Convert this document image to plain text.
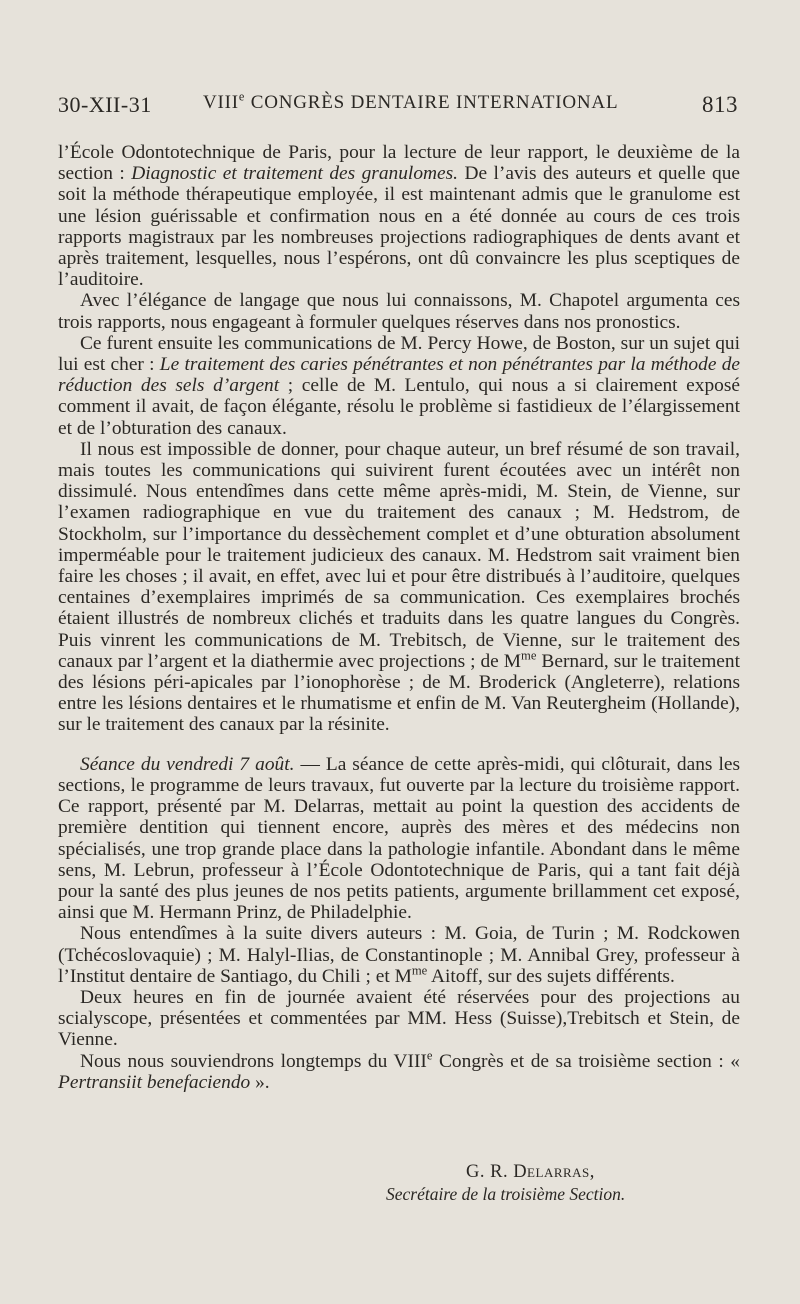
30-XII-31	VIIIe CONGRÈS DENTAIRE INTERNATIONAL	813

l’École Odontotechnique de Paris, pour la lecture de leur rapport, le deuxième de la section : Diagnostic et traitement des granulomes. De l’avis des auteurs et quelle que soit la méthode thérapeutique employée, il est maintenant admis que le granulome est une lésion guérissable et confirmation nous en a été donnée au cours de ces trois rapports magistraux par les nombreuses projections radiographiques de dents avant et après traitement, lesquelles, nous l’espérons, ont dû convaincre les plus sceptiques de l’auditoire.

Avec l’élégance de langage que nous lui connaissons, M. Chapotel argumenta ces trois rapports, nous engageant à formuler quelques réserves dans nos pronostics.

Ce furent ensuite les communications de M. Percy Howe, de Boston, sur un sujet qui lui est cher : Le traitement des caries pénétrantes et non pénétrantes par la méthode de réduction des sels d’argent ; celle de M. Lentulo, qui nous a si clairement exposé comment il avait, de façon élégante, résolu le problème si fastidieux de l’élargissement et de l’obturation des canaux.

Il nous est impossible de donner, pour chaque auteur, un bref résumé de son travail, mais toutes les communications qui suivirent furent écoutées avec un intérêt non dissimulé. Nous entendîmes dans cette même après-midi, M. Stein, de Vienne, sur l’examen radiographique en vue du traitement des canaux ; M. Hedstrom, de Stockholm, sur l’importance du dessèchement complet et d’une obturation absolument imperméable pour le traitement judicieux des canaux. M. Hedstrom sait vraiment bien faire les choses ; il avait, en effet, avec lui et pour être distribués à l’auditoire, quelques centaines d’exemplaires imprimés de sa communication. Ces exemplaires brochés étaient illustrés de nombreux clichés et traduits dans les quatre langues du Congrès. Puis vinrent les communications de M. Trebitsch, de Vienne, sur le traitement des canaux par l’argent et la diathermie avec projections ; de $M^{me}$ Bernard, sur le traitement des lésions péri-apicales par l’ionophorèse ; de M. Broderick (Angleterre), relations entre les lésions dentaires et le rhumatisme et enfin de M. Van Reutergheim (Hollande), sur le traitement des canaux par la résinite.

Séance du vendredi 7 août. — La séance de cette après-midi, qui clôturait, dans les sections, le programme de leurs travaux, fut ouverte par la lecture du troisième rapport. Ce rapport, présenté par M. Delarras, mettait au point la question des accidents de première dentition qui tiennent encore, auprès des mères et des médecins non spécialisés, une trop grande place dans la pathologie infantile. Abondant dans le même sens, M. Lebrun, professeur à l’École Odontotechnique de Paris, qui a tant fait déjà pour la santé des plus jeunes de nos petits patients, argumente brillamment cet exposé, ainsi que M. Hermann Prinz, de Philadelphie.

Nous entendîmes à la suite divers auteurs : M. Goia, de Turin ; M. Rodckowen (Tchécoslovaquie) ; M. Halyl-Ilias, de Constantinople ; M. Annibal Grey, professeur à l’Institut dentaire de Santiago, du Chili ; et $M^{me}$ Aitoff, sur des sujets différents.

Deux heures en fin de journée avaient été réservées pour des projections au scialyscope, présentées et commentées par MM. Hess (Suisse),Trebitsch et Stein, de Vienne.

Nous nous souviendrons longtemps du VIIIe Congrès et de sa troisième section : « Pertransiit benefaciendo ».

G. R. Delarras,
Secrétaire de la troisième Section.
